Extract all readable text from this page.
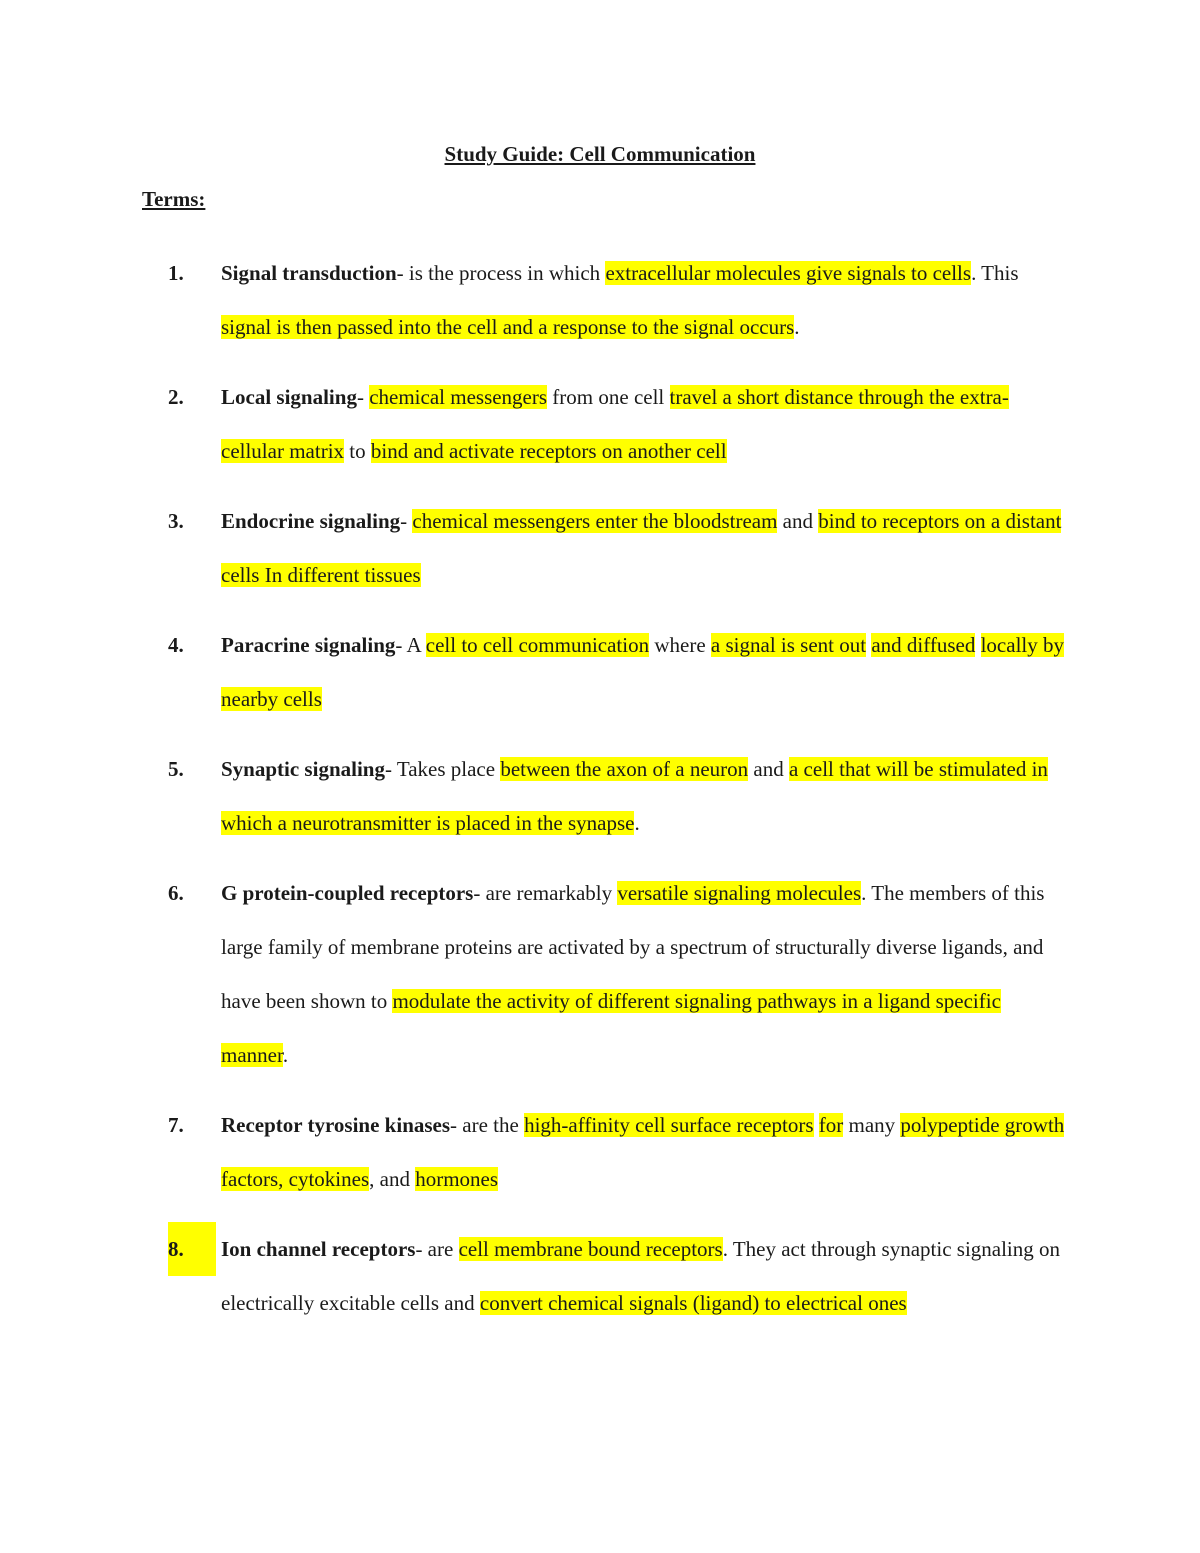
Study Guide: Cell Communication
Terms:
1. Signal transduction- is the process in which extracellular molecules give signals to cells. This signal is then passed into the cell and a response to the signal occurs.
2. Local signaling- chemical messengers from one cell travel a short distance through the extra-cellular matrix to bind and activate receptors on another cell
3. Endocrine signaling- chemical messengers enter the bloodstream and bind to receptors on a distant cells In different tissues
4. Paracrine signaling- A cell to cell communication where a signal is sent out and diffused locally by nearby cells
5. Synaptic signaling- Takes place between the axon of a neuron and a cell that will be stimulated in which a neurotransmitter is placed in the synapse.
6. G protein-coupled receptors- are remarkably versatile signaling molecules. The members of this large family of membrane proteins are activated by a spectrum of structurally diverse ligands, and have been shown to modulate the activity of different signaling pathways in a ligand specific manner.
7. Receptor tyrosine kinases- are the high-affinity cell surface receptors for many polypeptide growth factors, cytokines, and hormones
8.	Ion channel receptors- are cell membrane bound receptors. They act through synaptic signaling on electrically excitable cells and convert chemical signals (ligand) to electrical ones
